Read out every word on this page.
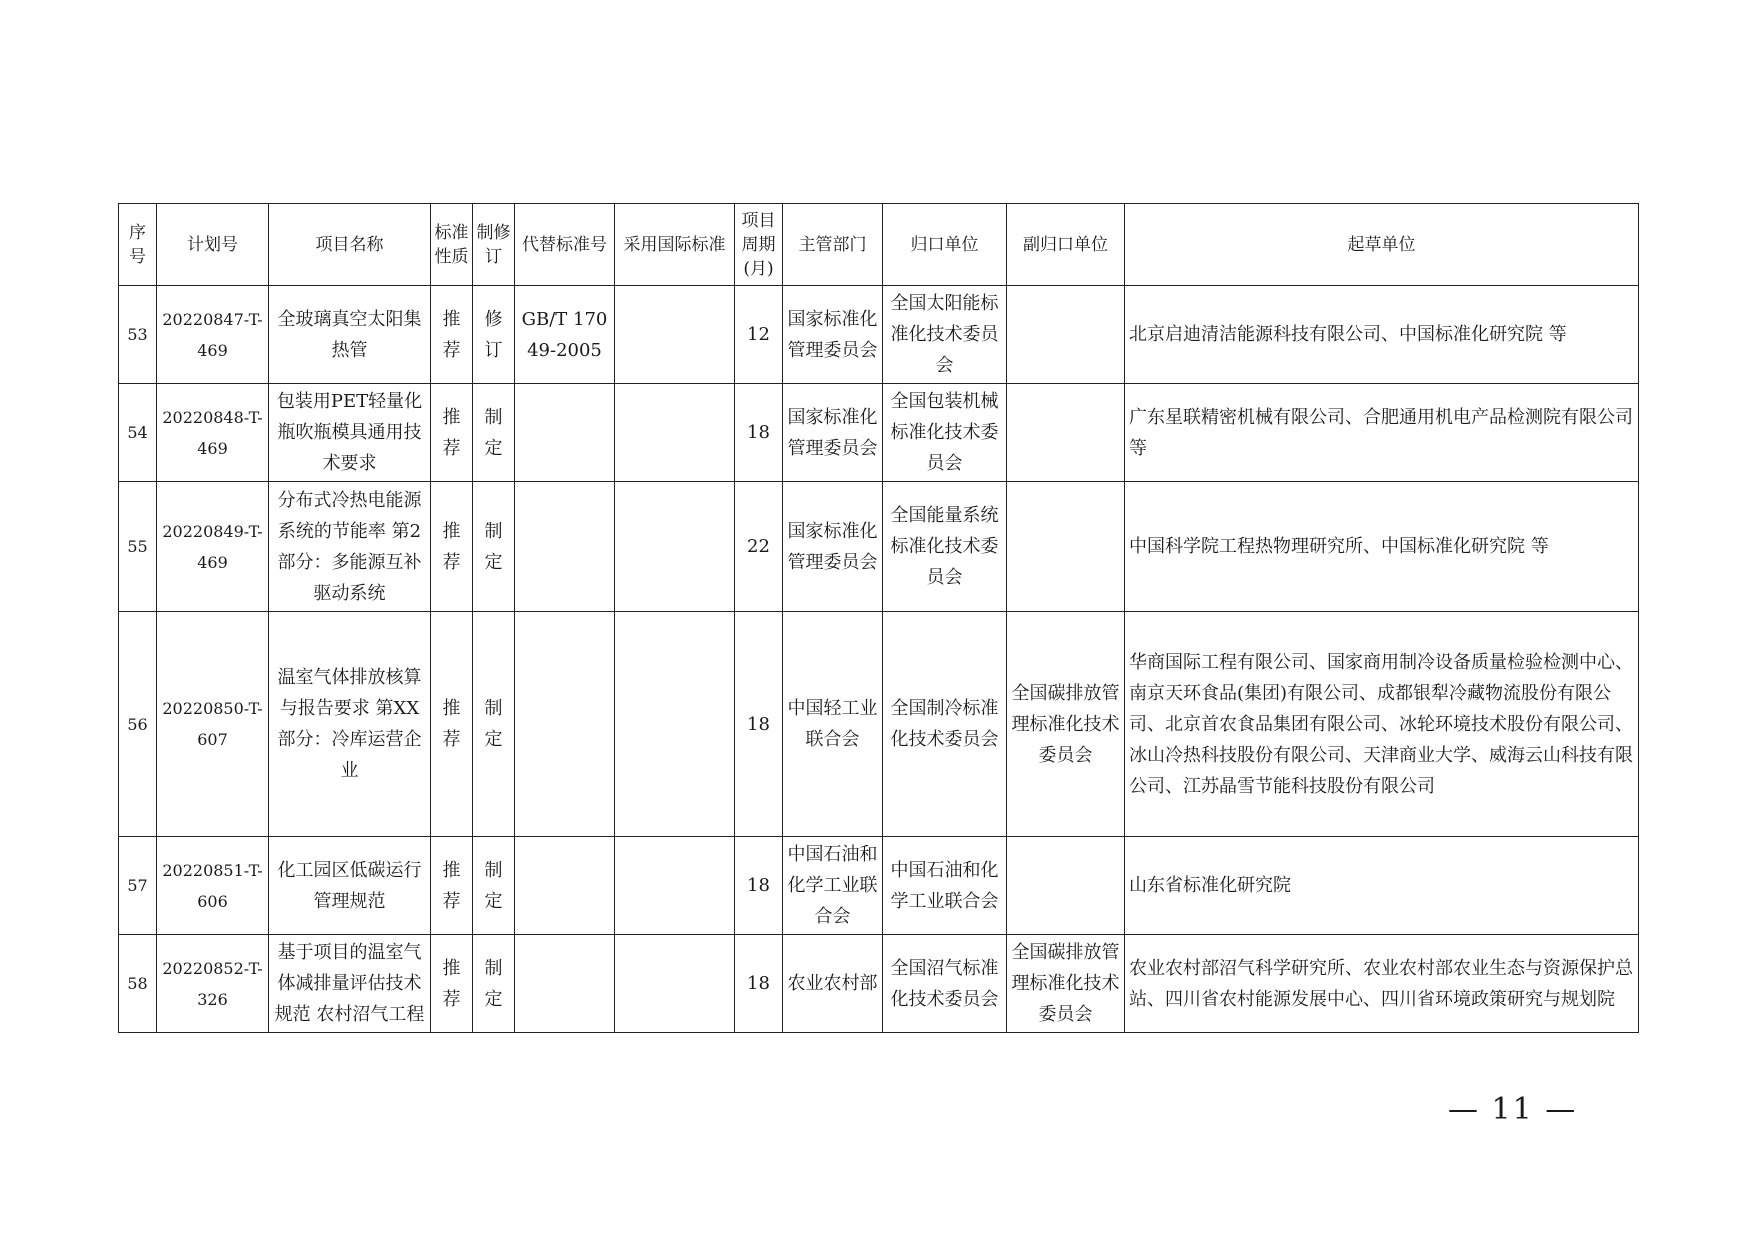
序号	计划号	项目名称	标准性质	制修订	代替标准号	采用国际标准	项目周期(月)	主管部门	归口单位	副归口单位	起草单位
53	20220847-T-469	全玻璃真空太阳集热管	推荐	修订	GB/T 17049-2005		12	国家标准化管理委员会	全国太阳能标准化技术委员会		北京启迪清洁能源科技有限公司、中国标准化研究院 等
54	20220848-T-469	包装用PET轻量化瓶吹瓶模具通用技术要求	推荐	制定			18	国家标准化管理委员会	全国包装机械标准化技术委员会		广东星联精密机械有限公司、合肥通用机电产品检测院有限公司等
55	20220849-T-469	分布式冷热电能源系统的节能率 第2部分：多能源互补驱动系统	推荐	制定			22	国家标准化管理委员会	全国能量系统标准化技术委员会		中国科学院工程热物理研究所、中国标准化研究院 等
56	20220850-T-607	温室气体排放核算与报告要求 第XX部分：冷库运营企业	推荐	制定			18	中国轻工业联合会	全国制冷标准化技术委员会	全国碳排放管理标准化技术委员会	华商国际工程有限公司、国家商用制冷设备质量检验检测中心、南京天环食品(集团)有限公司、成都银犁冷藏物流股份有限公司、北京首农食品集团有限公司、冰轮环境技术股份有限公司、冰山冷热科技股份有限公司、天津商业大学、威海云山科技有限公司、江苏晶雪节能科技股份有限公司
57	20220851-T-606	化工园区低碳运行管理规范	推荐	制定			18	中国石油和化学工业联合会	中国石油和化学工业联合会		山东省标准化研究院
58	20220852-T-326	基于项目的温室气体减排量评估技术规范 农村沼气工程	推荐	制定			18	农业农村部	全国沼气标准化技术委员会	全国碳排放管理标准化技术委员会	农业农村部沼气科学研究所、农业农村部农业生态与资源保护总站、四川省农村能源发展中心、四川省环境政策研究与规划院
— 11 —
